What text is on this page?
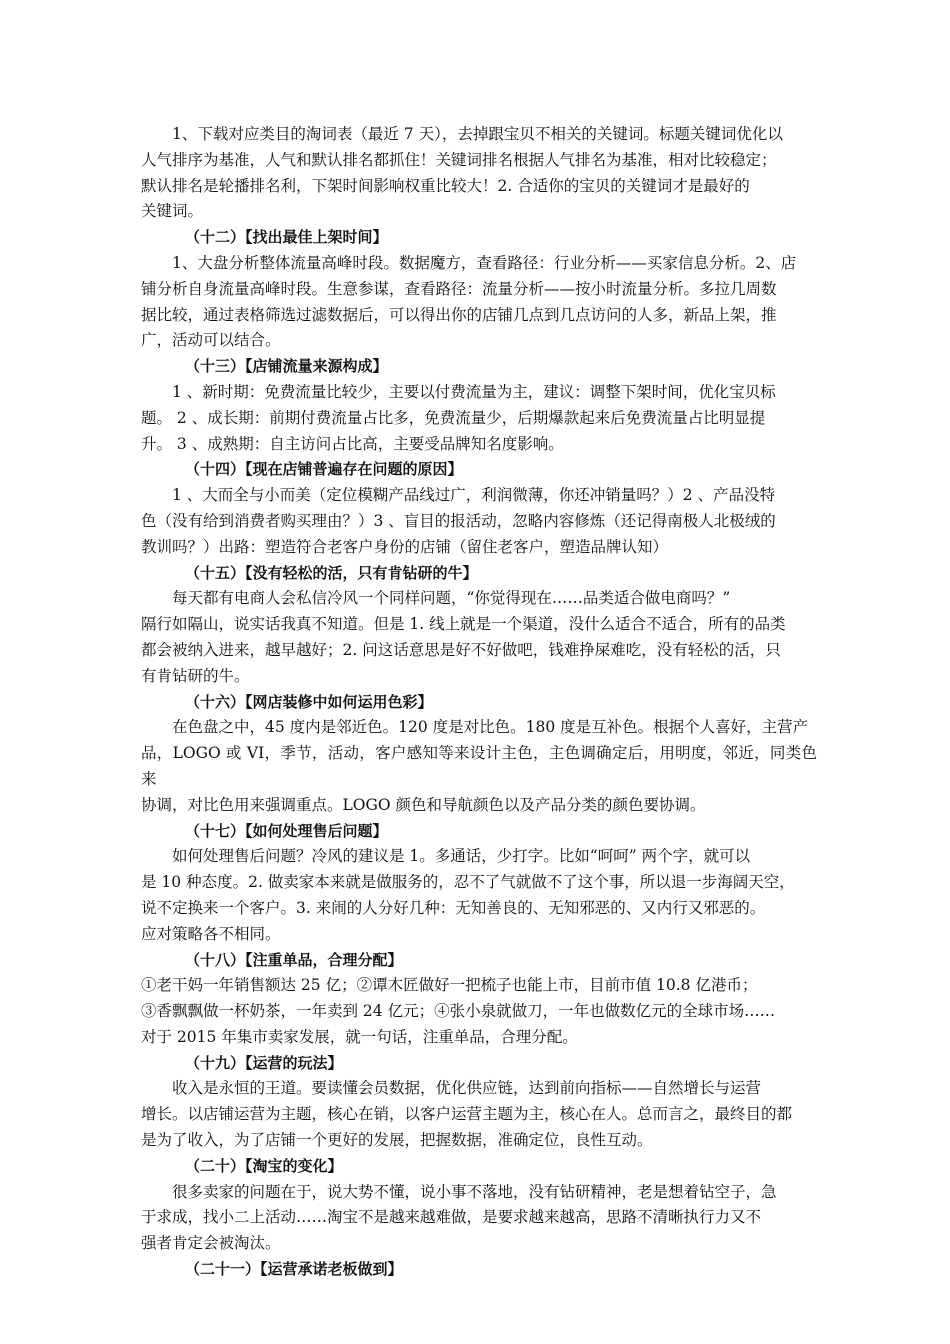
1、下载对应类目的淘词表（最近 7 天），去掉跟宝贝不相关的关键词。标题关键词优化以
人气排序为基准，人气和默认排名都抓住！关键词排名根据人气排名为基准，相对比较稳定；
默认排名是轮播排名利，下架时间影响权重比较大！2. 合适你的宝贝的关键词才是最好的
关键词。

（十二）【找出最佳上架时间】

1、大盘分析整体流量高峰时段。数据魔方，查看路径：行业分析——买家信息分析。2、店
铺分析自身流量高峰时段。生意参谋，查看路径：流量分析——按小时流量分析。多拉几周数
据比较，通过表格筛选过滤数据后，可以得出你的店铺几点到几点访问的人多，新品上架，推
广，活动可以结合。

（十三）【店铺流量来源构成】

1 、新时期：免费流量比较少，主要以付费流量为主，建议：调整下架时间，优化宝贝标
题。 2 、成长期：前期付费流量占比多，免费流量少，后期爆款起来后免费流量占比明显提
升。 3 、成熟期：自主访问占比高，主要受品牌知名度影响。

（十四）【现在店铺普遍存在问题的原因】

1 、大而全与小而美（定位模糊产品线过广，利润微薄，你还冲销量吗？）2 、产品没特
色（没有给到消费者购买理由？）3 、盲目的报活动，忽略内容修炼（还记得南极人北极绒的
教训吗？）出路：塑造符合老客户身份的店铺（留住老客户，塑造品牌认知）

（十五）【没有轻松的活，只有肯钻研的牛】

每天都有电商人会私信冷风一个同样问题，“你觉得现在……品类适合做电商吗？”
隔行如隔山，说实话我真不知道。但是 1. 线上就是一个渠道，没什么适合不适合，所有的品类
都会被纳入进来，越早越好；2. 问这话意思是好不好做吧，钱难挣屎难吃，没有轻松的活，只
有肯钻研的牛。

（十六）【网店装修中如何运用色彩】

在色盘之中，45 度内是邻近色。120 度是对比色。180 度是互补色。根据个人喜好，主营产
品，LOGO 或 VI，季节，活动，客户感知等来设计主色，主色调确定后，用明度，邻近，同类色来
协调，对比色用来强调重点。LOGO 颜色和导航颜色以及产品分类的颜色要协调。

（十七）【如何处理售后问题】

如何处理售后问题？冷风的建议是 1。多通话，少打字。比如“呵呵” 两个字，就可以
是 10 种态度。2. 做卖家本来就是做服务的，忍不了气就做不了这个事，所以退一步海阔天空，
说不定换来一个客户。3. 来闹的人分好几种：无知善良的、无知邪恶的、又内行又邪恶的。
应对策略各不相同。

（十八）【注重单品，合理分配】

①老干妈一年销售额达 25 亿；②谭木匠做好一把梳子也能上市，目前市值 10.8 亿港币；
③香飘飘做一杯奶茶，一年卖到 24 亿元；④张小泉就做刀，一年也做数亿元的全球市场……
对于 2015 年集市卖家发展，就一句话，注重单品，合理分配。

（十九）【运营的玩法】

收入是永恒的王道。要读懂会员数据，优化供应链，达到前向指标——自然增长与运营
增长。以店铺运营为主题，核心在销，以客户运营主题为主，核心在人。总而言之，最终目的都
是为了收入，为了店铺一个更好的发展，把握数据，准确定位，良性互动。

（二十）【淘宝的变化】

很多卖家的问题在于，说大势不懂，说小事不落地，没有钻研精神，老是想着钻空子，急
于求成，找小二上活动……淘宝不是越来越难做，是要求越来越高，思路不清晰执行力又不
强者肯定会被淘汰。

（二十一）【运营承诺老板做到】
